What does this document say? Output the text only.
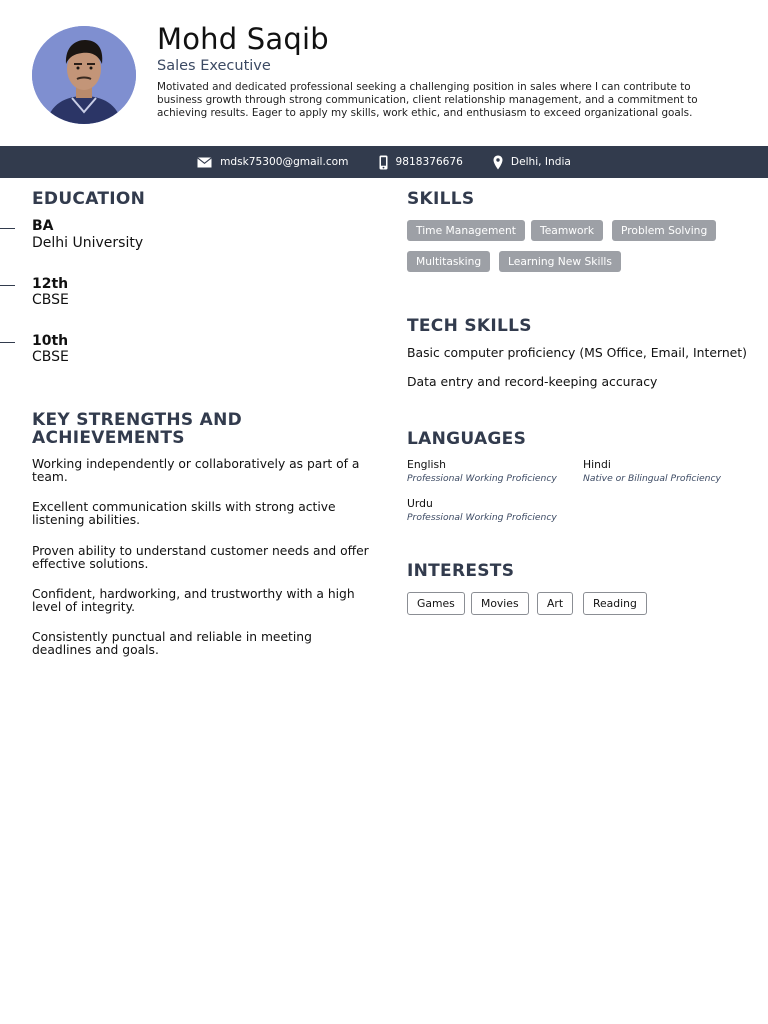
Mohd Saqib
Sales Executive
Motivated and dedicated professional seeking a challenging position in sales where I can contribute to business growth through strong communication, client relationship management, and a commitment to achieving results. Eager to apply my skills, work ethic, and enthusiasm to exceed organizational goals.
mdsk75300@gmail.com	9818376676	Delhi, India
EDUCATION
BA
Delhi University
12th
CBSE
10th
CBSE
KEY STRENGTHS AND
ACHIEVEMENTS
Working independently or collaboratively as part of a team.
Excellent communication skills with strong active listening abilities.
Proven ability to understand customer needs and offer effective solutions.
Confident, hardworking, and trustworthy with a high level of integrity.
Consistently punctual and reliable in meeting deadlines and goals.
SKILLS
Time Management	Teamwork	Problem Solving
Multitasking	Learning New Skills
TECH SKILLS
Basic computer proficiency (MS Office, Email, Internet)
Data entry and record-keeping accuracy
LANGUAGES
English
Professional Working Proficiency
Hindi
Native or Bilingual Proficiency
Urdu
Professional Working Proficiency
INTERESTS
Games	Movies	Art	Reading
